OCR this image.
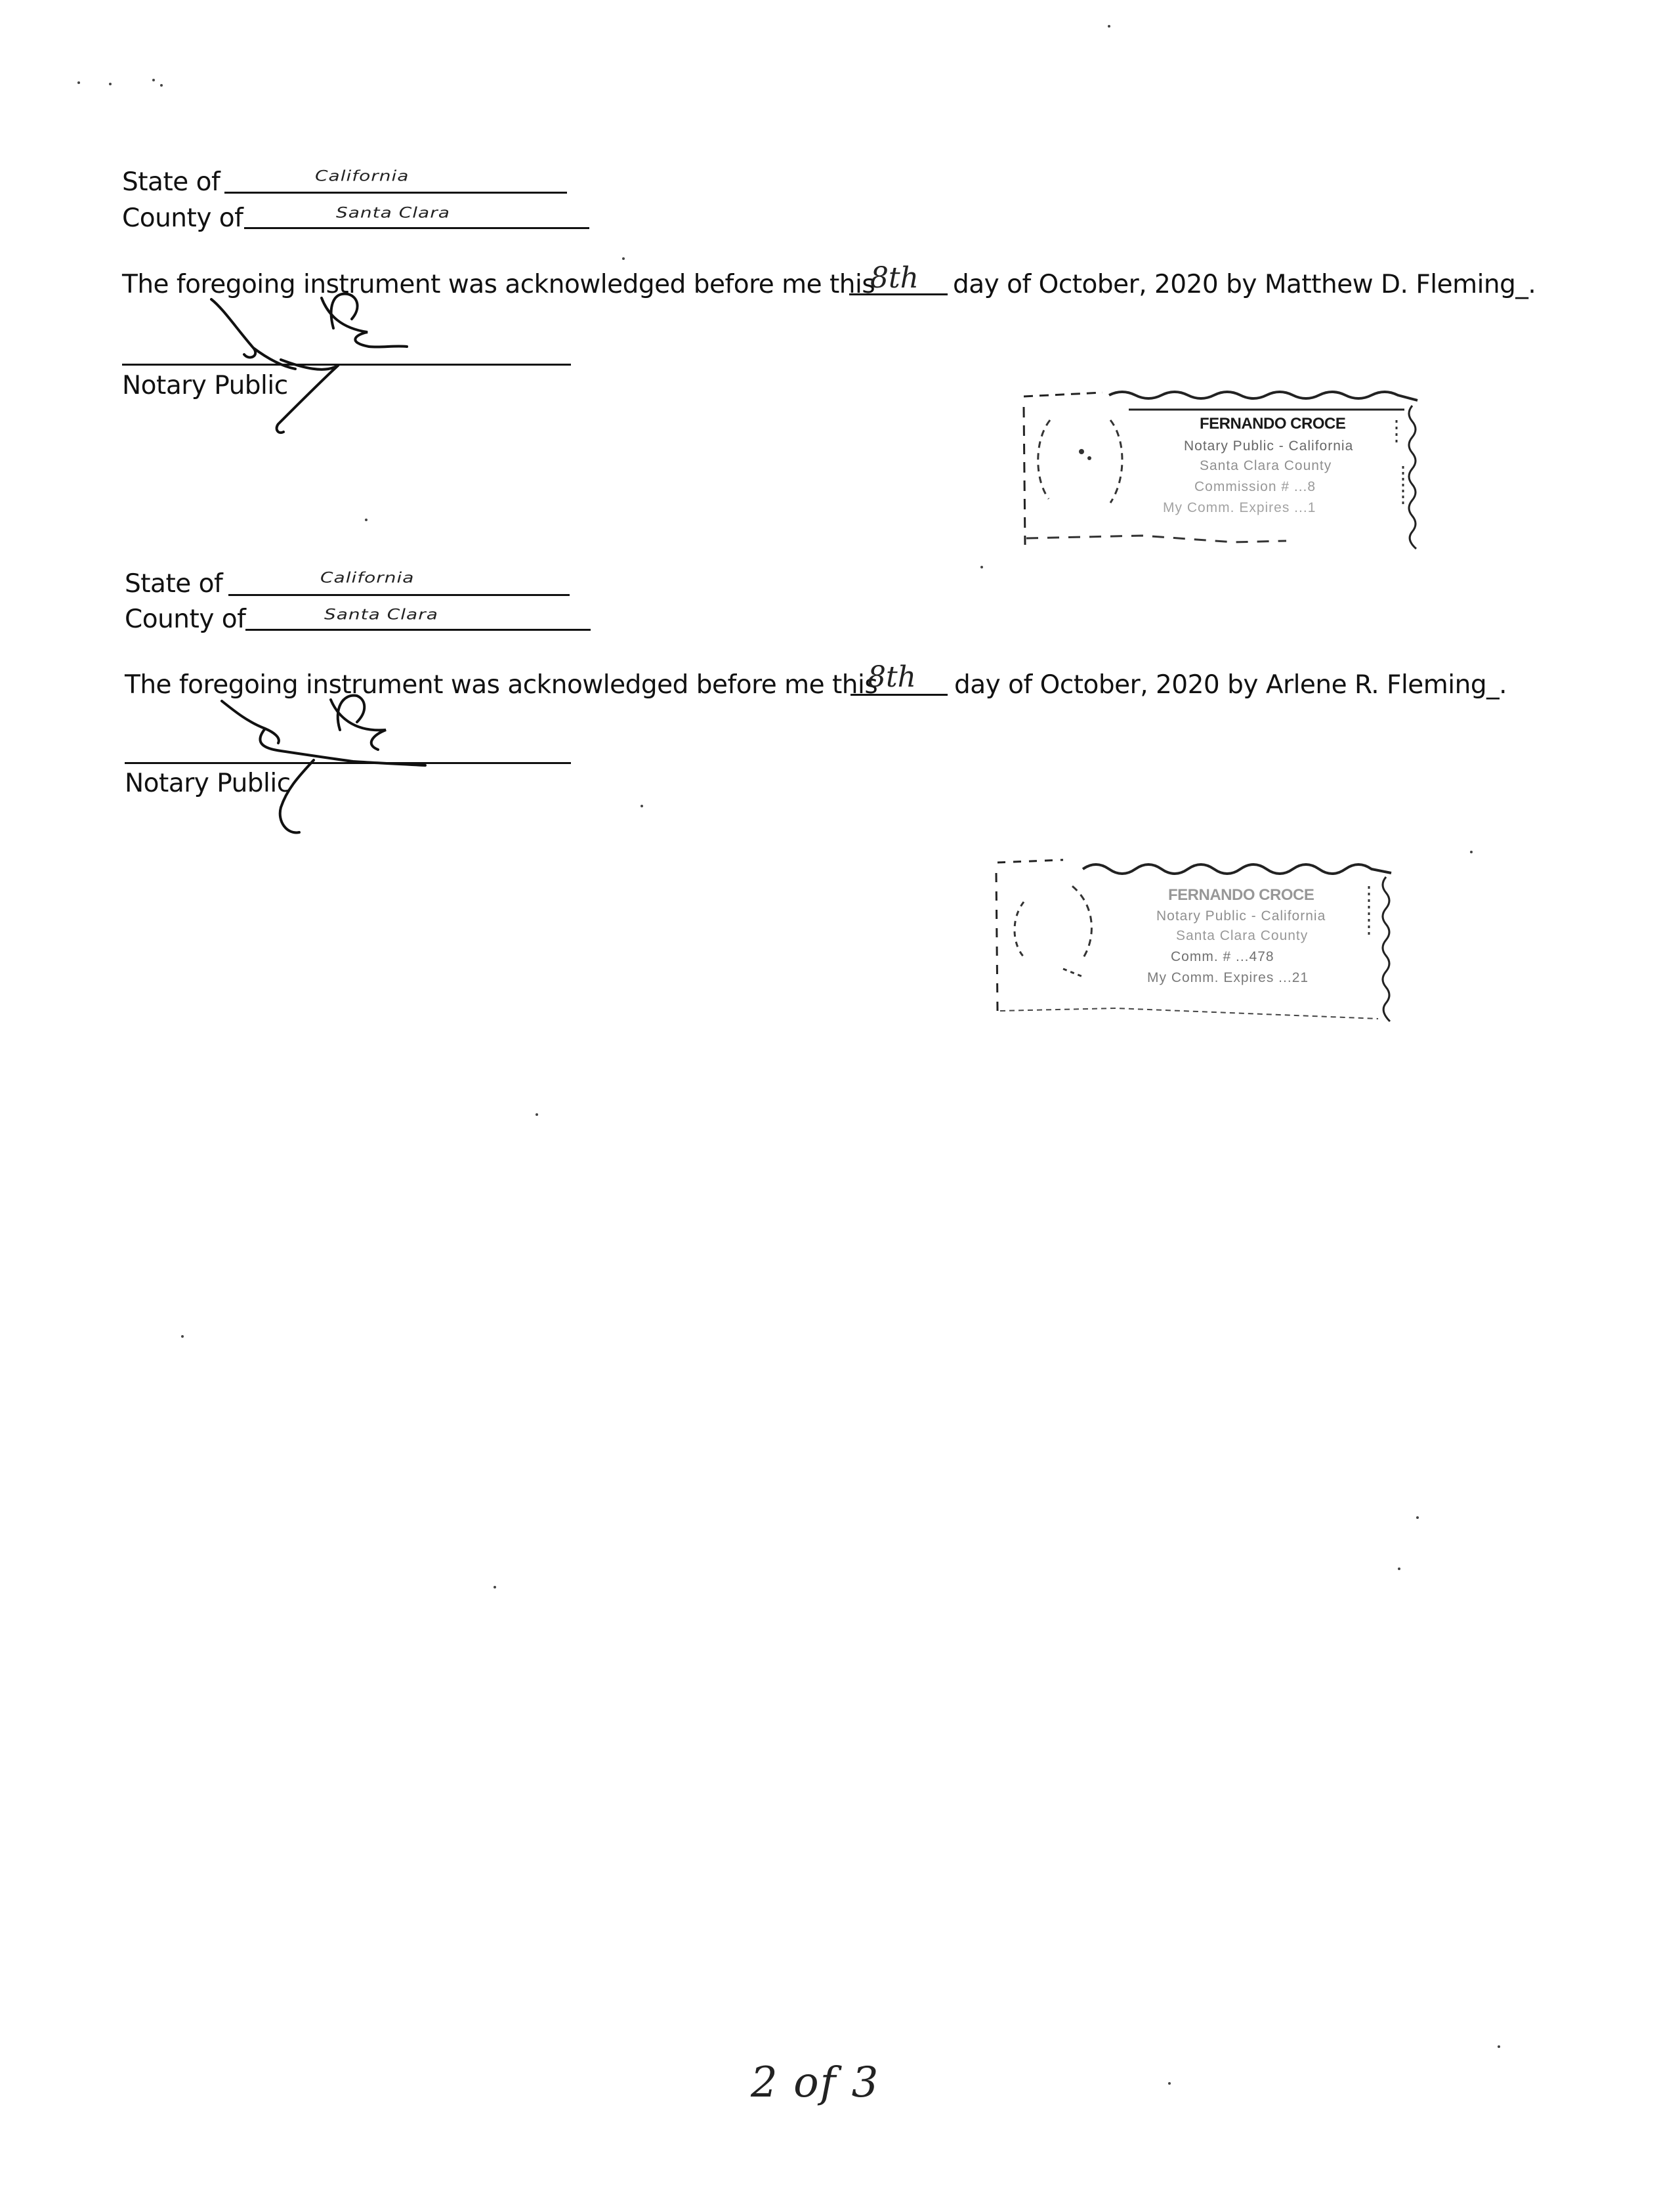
State of	California
County of	Santa Clara
The foregoing instrument was acknowledged before me this
8th day of October, 2020 by Matthew D. Fleming_.
Notary Public
FERNANDO CROCE
Notary Public - California
Santa Clara County
Commission # ...8
My Comm. Expires ...1
State of	California
County of	Santa Clara
The foregoing instrument was acknowledged before me this
8th day of October, 2020 by Arlene R. Fleming_.
Notary Public
FERNANDO CROCE
Notary Public - California
Santa Clara County
Comm. # ...478
My Comm. Expires ...21
2 of 3
